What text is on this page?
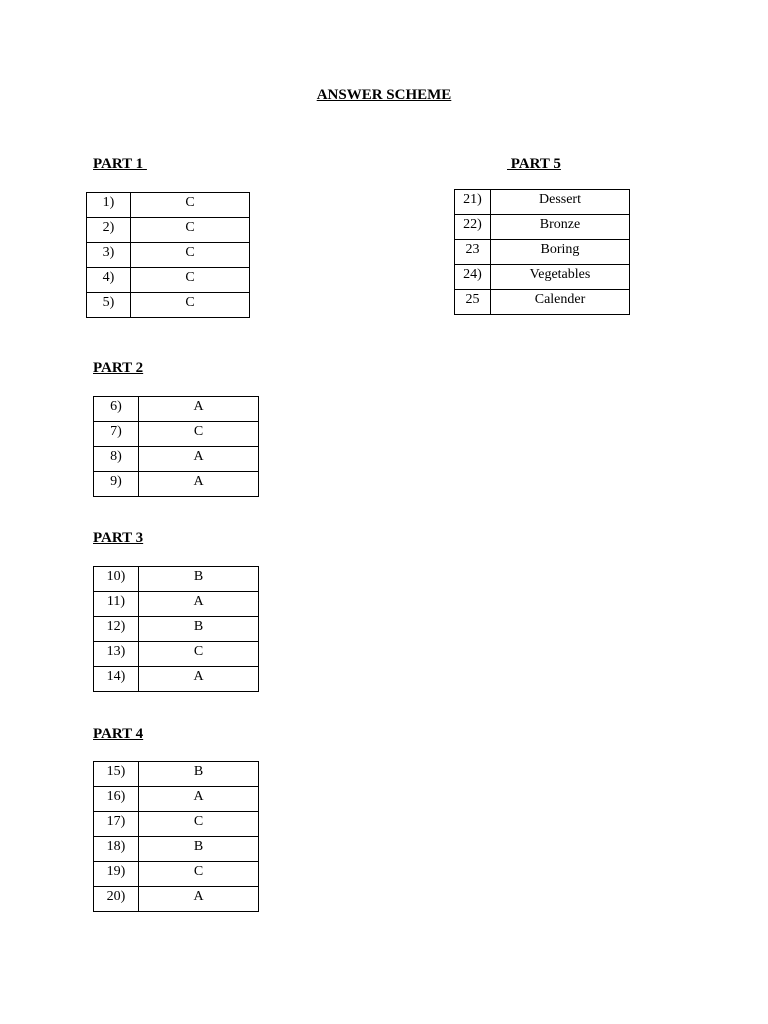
ANSWER SCHEME
PART 1
1)	C
2)	C
3)	C
4)	C
5)	C
PART 5
21)	Dessert
22)	Bronze
23	Boring
24)	Vegetables
25	Calender
PART 2
6)	A
7)	C
8)	A
9)	A
PART 3
10)	B
11)	A
12)	B
13)	C
14)	A
PART 4
15)	B
16)	A
17)	C
18)	B
19)	C
20)	A
